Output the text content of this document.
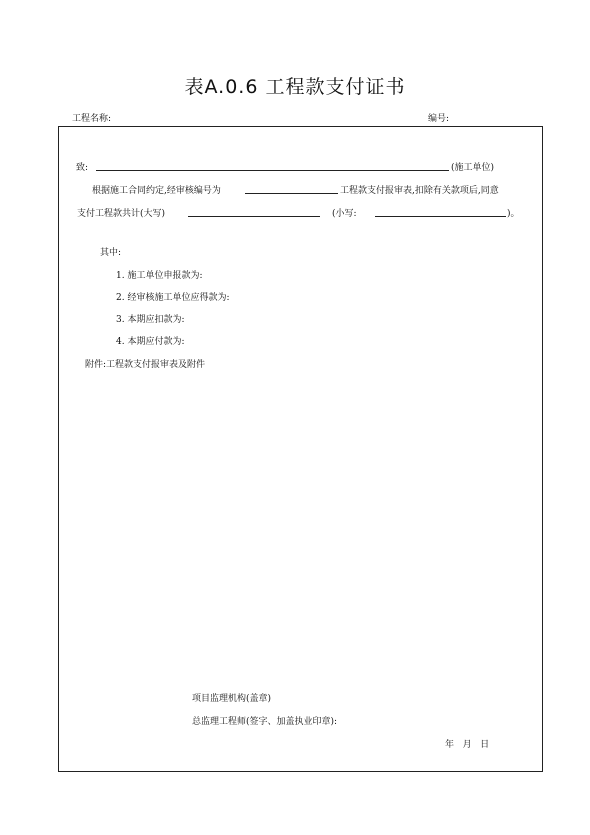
表A.0.6 工程款支付证书
工程名称:	编号:
致:	(施工单位)
根据施工合同约定,经审核编号为	工程款支付报审表,扣除有关款项后,同意
支付工程款共计(大写)	(小写:	)。
其中:
1. 施工单位申报款为:
2. 经审核施工单位应得款为:
3. 本期应扣款为:
4. 本期应付款为:
附件:工程款支付报审表及附件
项目监理机构(盖章)
总监理工程师(签字、加盖执业印章):
年   月   日
